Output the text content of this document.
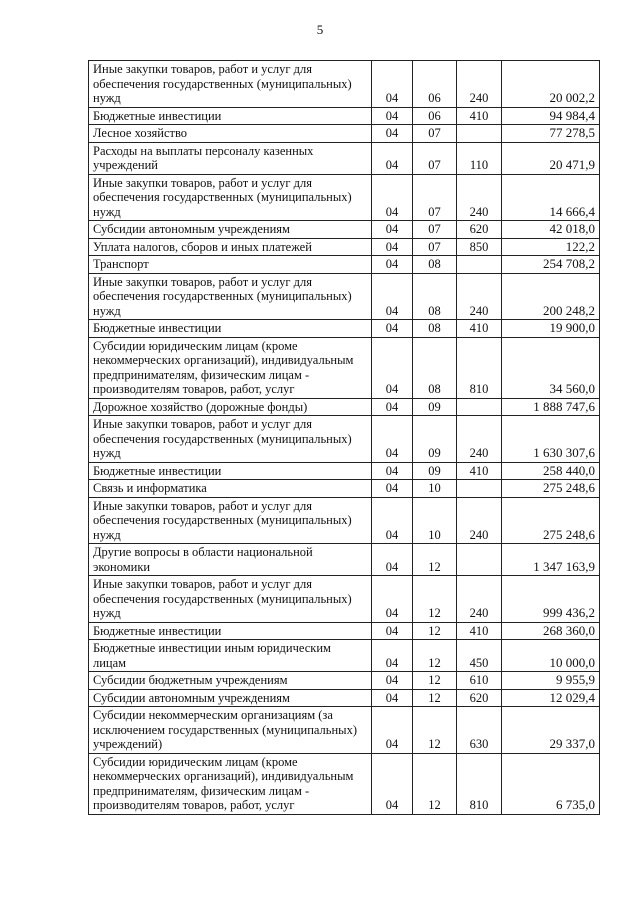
5
Иные закупки товаров, работ и услуг для обеспечения государственных (муниципальных) нужд	04	06	240	20 002,2
Бюджетные инвестиции	04	06	410	94 984,4
Лесное хозяйство	04	07		77 278,5
Расходы на выплаты персоналу казенных учреждений	04	07	110	20 471,9
Иные закупки товаров, работ и услуг для обеспечения государственных (муниципальных) нужд	04	07	240	14 666,4
Субсидии автономным учреждениям	04	07	620	42 018,0
Уплата налогов, сборов и иных платежей	04	07	850	122,2
Транспорт	04	08		254 708,2
Иные закупки товаров, работ и услуг для обеспечения государственных (муниципальных) нужд	04	08	240	200 248,2
Бюджетные инвестиции	04	08	410	19 900,0
Субсидии юридическим лицам (кроме некоммерческих организаций), индивидуальным предпринимателям, физическим лицам - производителям товаров, работ, услуг	04	08	810	34 560,0
Дорожное хозяйство (дорожные фонды)	04	09		1 888 747,6
Иные закупки товаров, работ и услуг для обеспечения государственных (муниципальных) нужд	04	09	240	1 630 307,6
Бюджетные инвестиции	04	09	410	258 440,0
Связь и информатика	04	10		275 248,6
Иные закупки товаров, работ и услуг для обеспечения государственных (муниципальных) нужд	04	10	240	275 248,6
Другие вопросы в области национальной экономики	04	12		1 347 163,9
Иные закупки товаров, работ и услуг для обеспечения государственных (муниципальных) нужд	04	12	240	999 436,2
Бюджетные инвестиции	04	12	410	268 360,0
Бюджетные инвестиции иным юридическим лицам	04	12	450	10 000,0
Субсидии бюджетным учреждениям	04	12	610	9 955,9
Субсидии автономным учреждениям	04	12	620	12 029,4
Субсидии некоммерческим организациям (за исключением государственных (муниципальных) учреждений)	04	12	630	29 337,0
Субсидии юридическим лицам (кроме некоммерческих организаций), индивидуальным предпринимателям, физическим лицам - производителям товаров, работ, услуг	04	12	810	6 735,0
